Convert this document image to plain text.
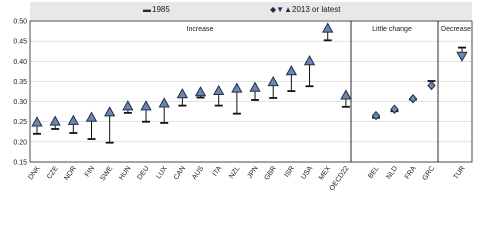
▬ 1985	◆▼▲ 2013 or latest
0.15
0.20
0.25
0.30
0.35
0.40
0.45
0.50
Increase	Little change	Decrease
DNK CZE NOR FIN SWE HUN DEU LUX CAN AUS ITA NZL JPN GBR ISR USA MEX
OECD22 BEL NLD FRA GRC TUR
